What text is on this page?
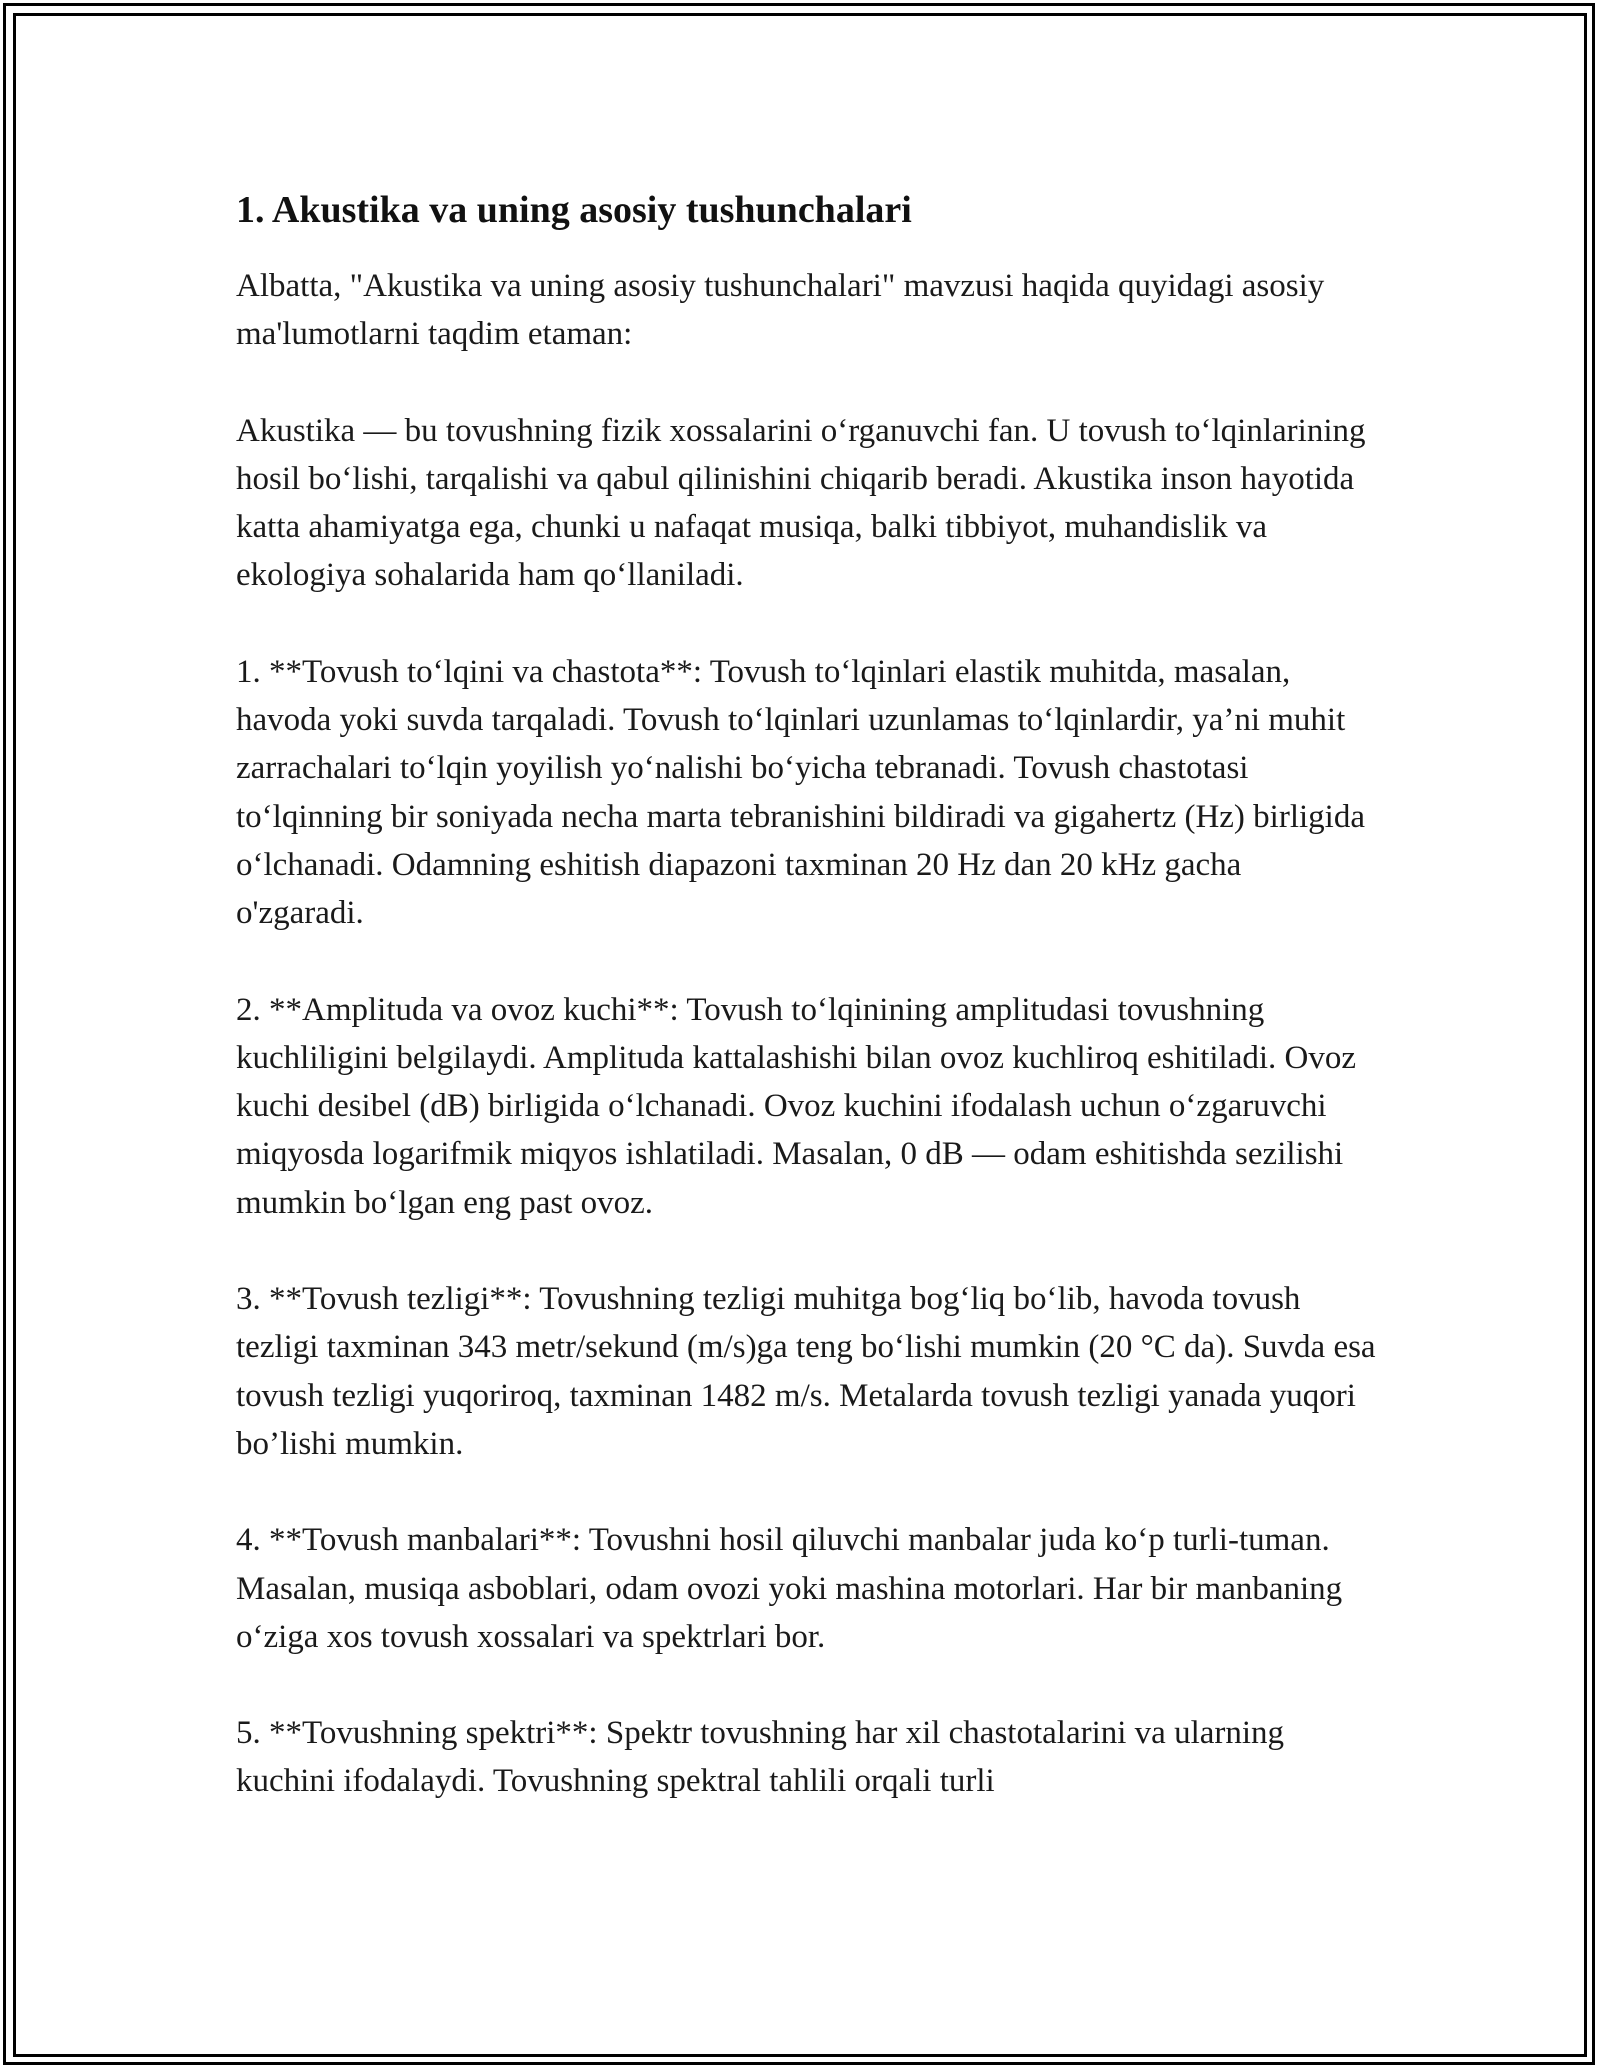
1. Akustika va uning asosiy tushunchalari

Albatta, "Akustika va uning asosiy tushunchalari" mavzusi haqida quyidagi asosiy ma'lumotlarni taqdim etaman:

Akustika — bu tovushning fizik xossalarini oʻrganuvchi fan. U tovush toʻlqinlarining hosil boʻlishi, tarqalishi va qabul qilinishini chiqarib beradi. Akustika inson hayotida katta ahamiyatga ega, chunki u nafaqat musiqa, balki tibbiyot, muhandislik va ekologiya sohalarida ham qoʻllaniladi.

1. **Tovush toʻlqini va chastota**: Tovush toʻlqinlari elastik muhitda, masalan, havoda yoki suvda tarqaladi. Tovush toʻlqinlari uzunlamas toʻlqinlardir, ya’ni muhit zarrachalari toʻlqin yoyilish yoʻnalishi boʻyicha tebranadi. Tovush chastotasi toʻlqinning bir soniyada necha marta tebranishini bildiradi va gigahertz (Hz) birligida oʻlchanadi. Odamning eshitish diapazoni taxminan 20 Hz dan 20 kHz gacha o'zgaradi.

2. **Amplituda va ovoz kuchi**: Tovush toʻlqinining amplitudasi tovushning kuchliligini belgilaydi. Amplituda kattalashishi bilan ovoz kuchliroq eshitiladi. Ovoz kuchi desibel (dB) birligida oʻlchanadi. Ovoz kuchini ifodalash uchun oʻzgaruvchi miqyosda logarifmik miqyos ishlatiladi. Masalan, 0 dB — odam eshitishda sezilishi mumkin boʻlgan eng past ovoz.

3. **Tovush tezligi**: Tovushning tezligi muhitga bogʻliq boʻlib, havoda tovush tezligi taxminan 343 metr/sekund (m/s)ga teng boʻlishi mumkin (20 °C da). Suvda esa tovush tezligi yuqoriroq, taxminan 1482 m/s. Metalarda tovush tezligi yanada yuqori bo’lishi mumkin.

4. **Tovush manbalari**: Tovushni hosil qiluvchi manbalar juda koʻp turli-tuman. Masalan, musiqa asboblari, odam ovozi yoki mashina motorlari. Har bir manbaning oʻziga xos tovush xossalari va spektrlari bor.

5. **Tovushning spektri**: Spektr tovushning har xil chastotalarini va ularning kuchini ifodalaydi. Tovushning spektral tahlili orqali turli
